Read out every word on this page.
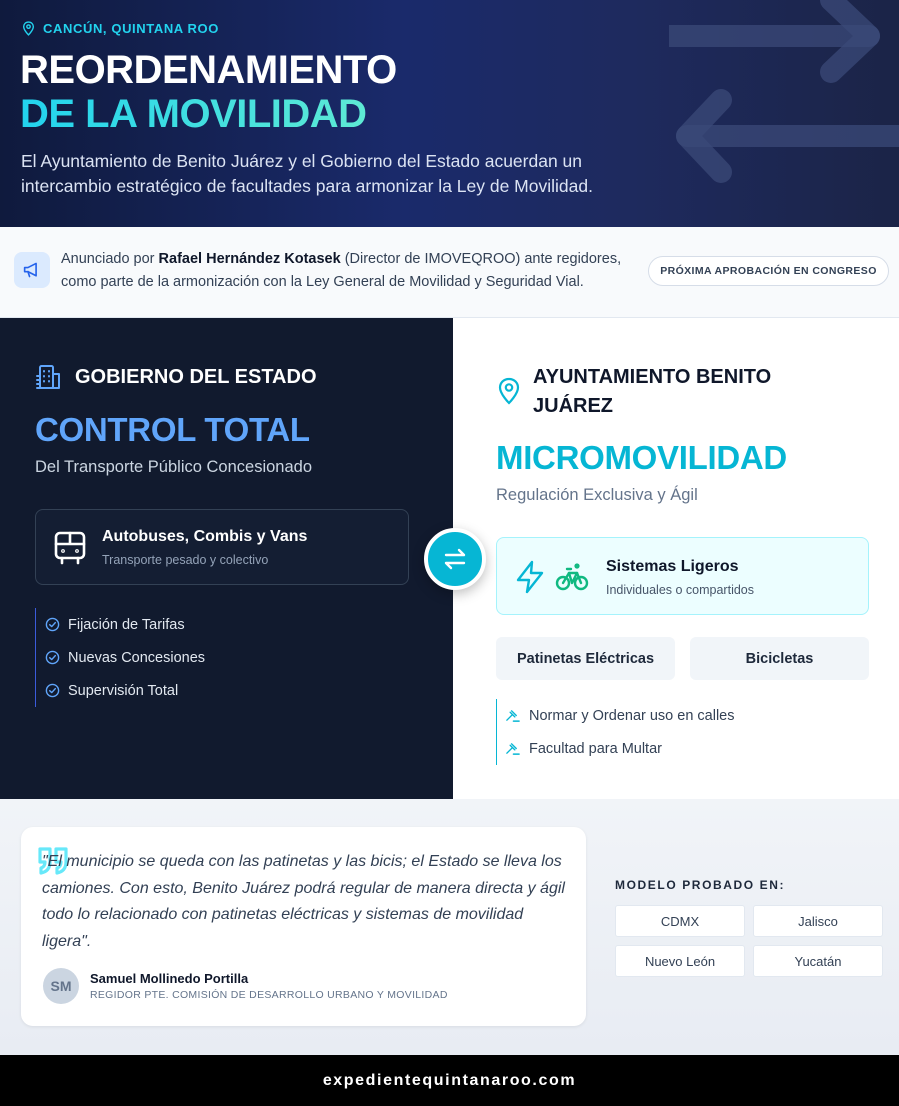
CANCÚN, QUINTANA ROO
REORDENAMIENTO
DE LA MOVILIDAD

El Ayuntamiento de Benito Juárez y el Gobierno del Estado acuerdan un intercambio estratégico de facultades para armonizar la Ley de Movilidad.

Anunciado por Rafael Hernández Kotasek (Director de IMOVEQROO) ante regidores, como parte de la armonización con la Ley General de Movilidad y Seguridad Vial.

PRÓXIMA APROBACIÓN EN CONGRESO
GOBIERNO DEL ESTADO
CONTROL TOTAL
Del Transporte Público Concesionado
Autobuses, Combis y Vans
Transporte pesado y colectivo
Fijación de Tarifas
Nuevas Concesiones
Supervisión Total
AYUNTAMIENTO BENITO JUÁREZ
MICROMOVILIDAD
Regulación Exclusiva y Ágil
Sistemas Ligeros
Individuales o compartidos
Patinetas Eléctricas	Bicicletas
Normar y Ordenar uso en calles
Facultad para Multar

"El municipio se queda con las patinetas y las bicis; el Estado se lleva los camiones. Con esto, Benito Juárez podrá regular de manera directa y ágil todo lo relacionado con patinetas eléctricas y sistemas de movilidad ligera".

SM	Samuel Mollinedo Portilla
REGIDOR PTE. COMISIÓN DE DESARROLLO URBANO Y MOVILIDAD
MODELO PROBADO EN:
CDMX	Jalisco
Nuevo León	Yucatán
expedientequintanaroo.com
